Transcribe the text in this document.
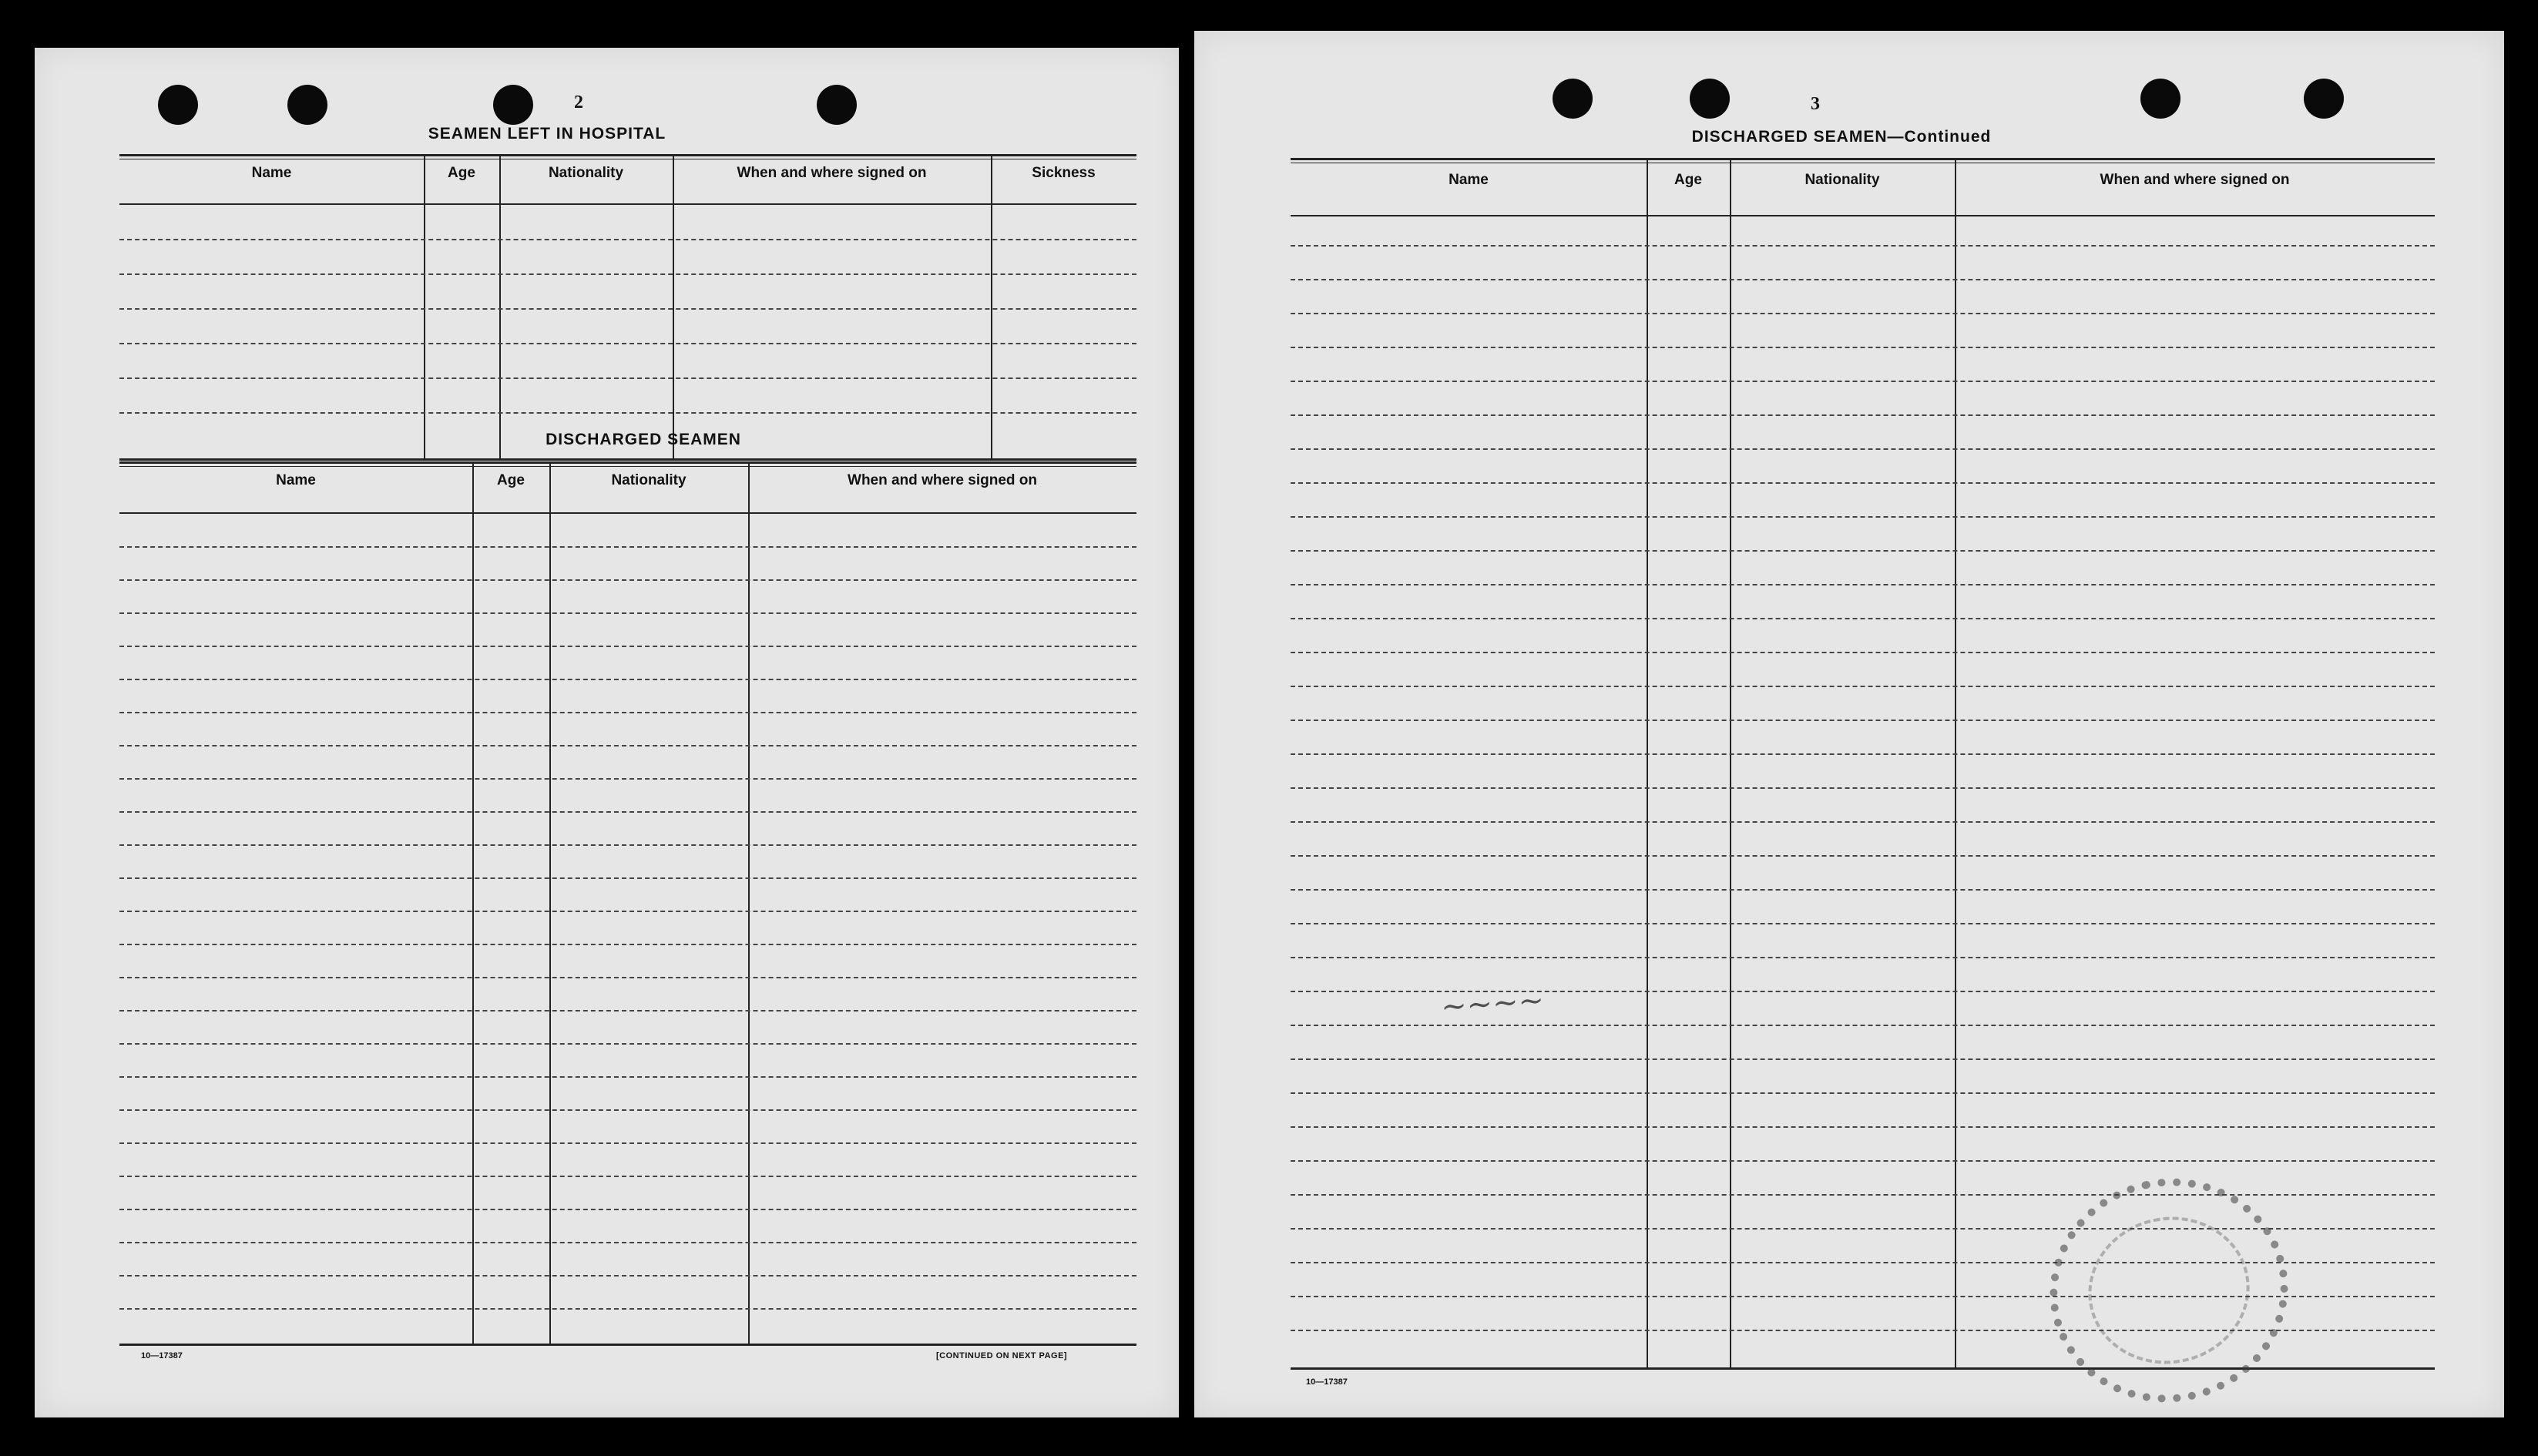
2
SEAMEN LEFT IN HOSPITAL
Name	Age	Nationality	When and where signed on	Sickness
DISCHARGED SEAMEN
Name	Age	Nationality	When and where signed on
10—17387	[CONTINUED ON NEXT PAGE]
3
DISCHARGED SEAMEN—Continued
Name	Age	Nationality	When and where signed on
∼∼∼∼
10—17387
